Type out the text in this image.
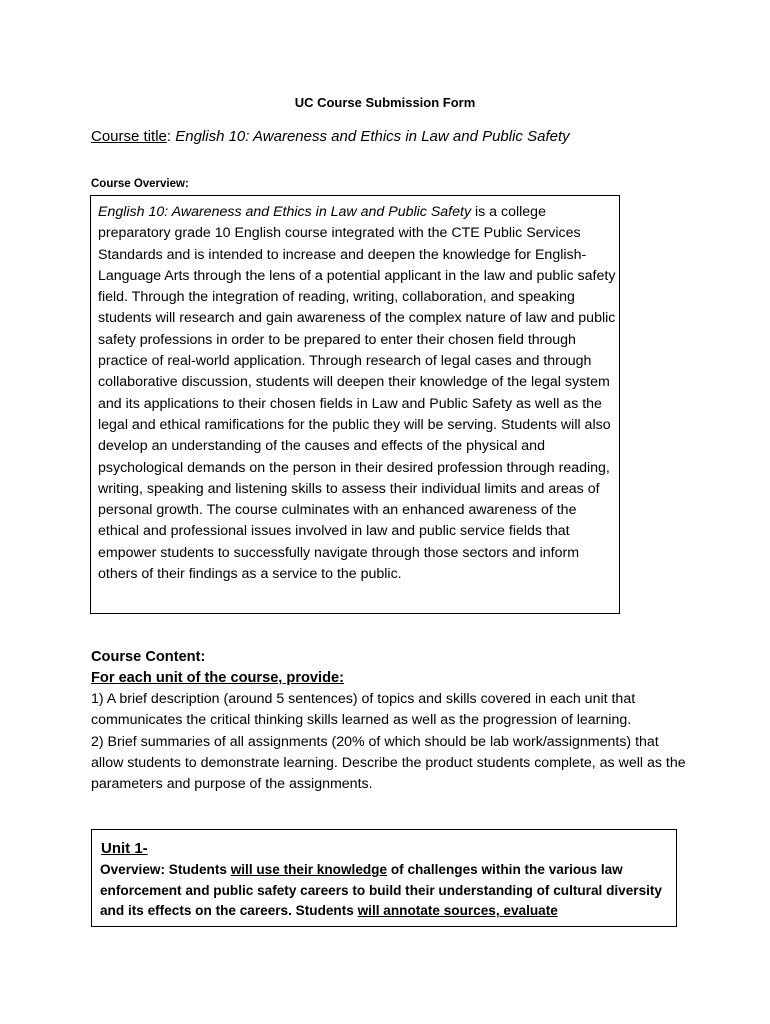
UC Course Submission Form
Course title: English 10: Awareness and Ethics in Law and Public Safety
Course Overview:
English 10: Awareness and Ethics in Law and Public Safety is a college preparatory grade 10 English course integrated with the CTE Public Services Standards and is intended to increase and deepen the knowledge for English-Language Arts through the lens of a potential applicant in the law and public safety field. Through the integration of reading, writing, collaboration, and speaking students will research and gain awareness of the complex nature of law and public safety professions in order to be prepared to enter their chosen field through practice of real-world application. Through research of legal cases and through collaborative discussion, students will deepen their knowledge of the legal system and its applications to their chosen fields in Law and Public Safety as well as the legal and ethical ramifications for the public they will be serving. Students will also develop an understanding of the causes and effects of the physical and psychological demands on the person in their desired profession through reading, writing, speaking and listening skills to assess their individual limits and areas of personal growth. The course culminates with an enhanced awareness of the ethical and professional issues involved in law and public service fields that empower students to successfully navigate through those sectors and inform others of their findings as a service to the public.
Course Content:
For each unit of the course, provide:
1) A brief description (around 5 sentences) of topics and skills covered in each unit that communicates the critical thinking skills learned as well as the progression of learning.
2) Brief summaries of all assignments (20% of which should be lab work/assignments) that allow students to demonstrate learning. Describe the product students complete, as well as the parameters and purpose of the assignments.
Unit 1-
Overview: Students will use their knowledge of challenges within the various law enforcement and public safety careers to build their understanding of cultural diversity and its effects on the careers. Students will annotate sources, evaluate
